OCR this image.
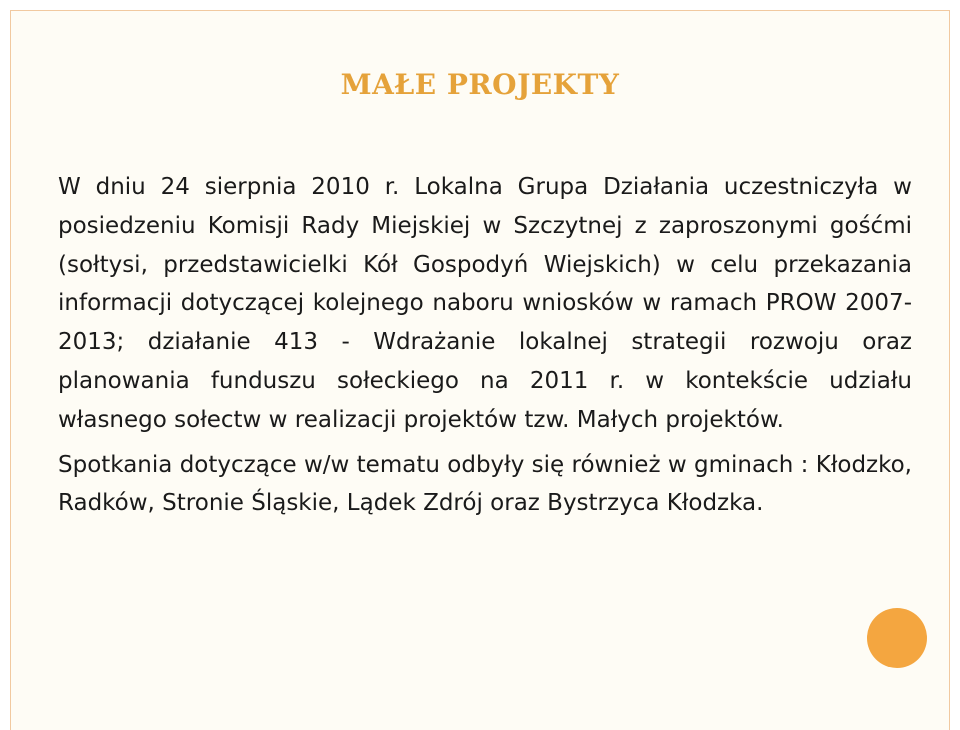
MAŁE PROJEKTY

W dniu 24 sierpnia 2010 r. Lokalna Grupa Działania uczestniczyła w posiedzeniu Komisji Rady Miejskiej w Szczytnej z zaproszonymi gośćmi (sołtysi, przedstawicielki Kół Gospodyń Wiejskich) w celu przekazania informacji dotyczącej kolejnego naboru wniosków w ramach PROW 2007-2013; działanie 413 - Wdrażanie lokalnej strategii rozwoju oraz planowania funduszu sołeckiego na 2011 r. w kontekście udziału własnego sołectw w realizacji projektów tzw. Małych projektów.

Spotkania dotyczące w/w tematu odbyły się również w gminach : Kłodzko, Radków, Stronie Śląskie, Lądek Zdrój oraz Bystrzyca Kłodzka.
